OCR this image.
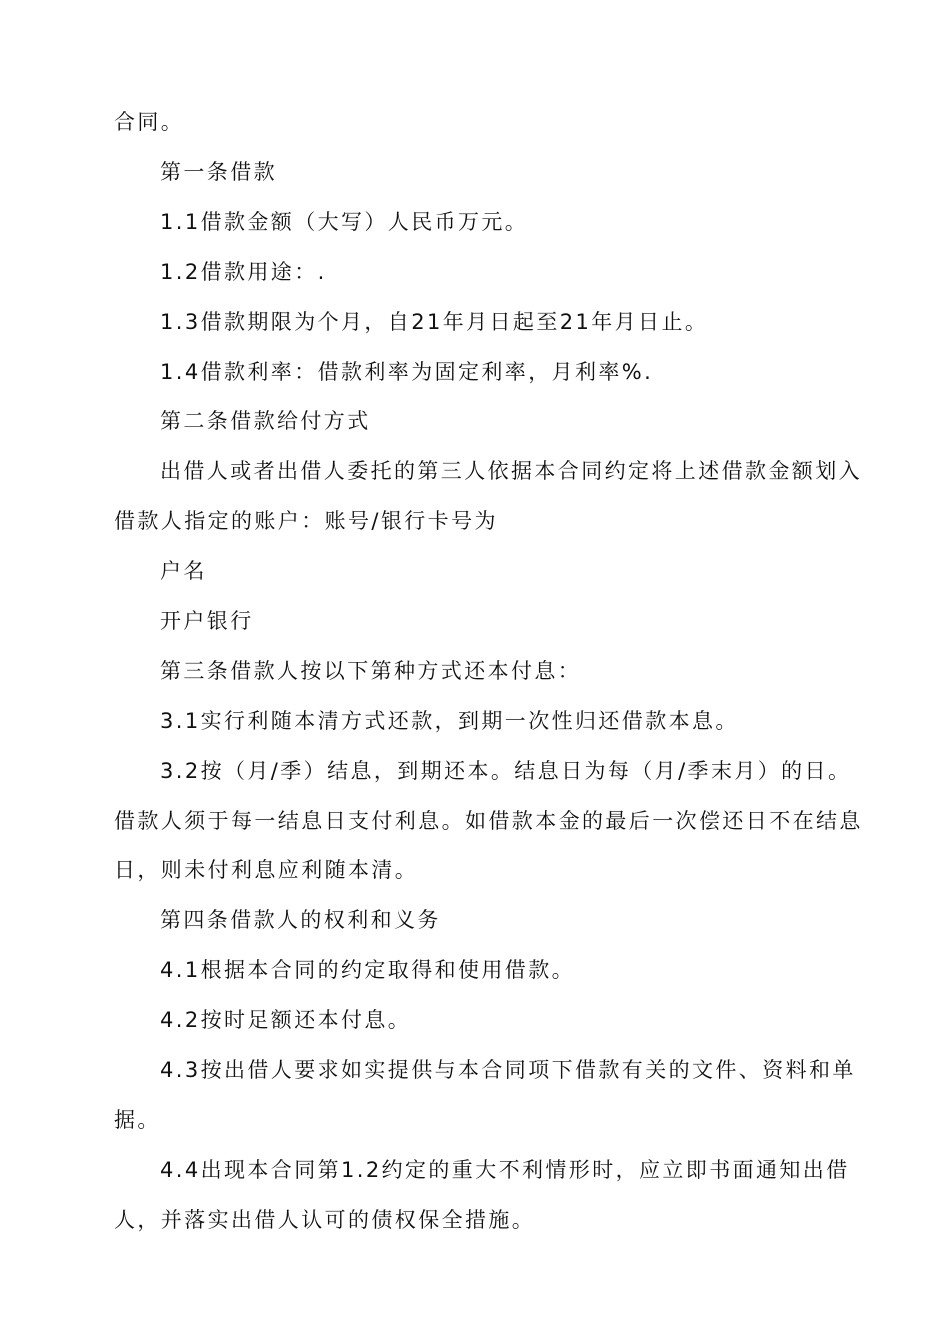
合同。
第一条借款
1.1借款金额（大写）人民币万元。
1.2借款用途：.
1.3借款期限为个月，自21年月日起至21年月日止。
1.4借款利率：借款利率为固定利率，月利率%.
第二条借款给付方式
出借人或者出借人委托的第三人依据本合同约定将上述借款金额划入
借款人指定的账户：账号/银行卡号为
户名
开户银行
第三条借款人按以下第种方式还本付息：
3.1实行利随本清方式还款，到期一次性归还借款本息。
3.2按（月/季）结息，到期还本。结息日为每（月/季末月）的日。
借款人须于每一结息日支付利息。如借款本金的最后一次偿还日不在结息
日，则未付利息应利随本清。
第四条借款人的权利和义务
4.1根据本合同的约定取得和使用借款。
4.2按时足额还本付息。
4.3按出借人要求如实提供与本合同项下借款有关的文件、资料和单
据。
4.4出现本合同第1.2约定的重大不利情形时，应立即书面通知出借
人，并落实出借人认可的债权保全措施。
